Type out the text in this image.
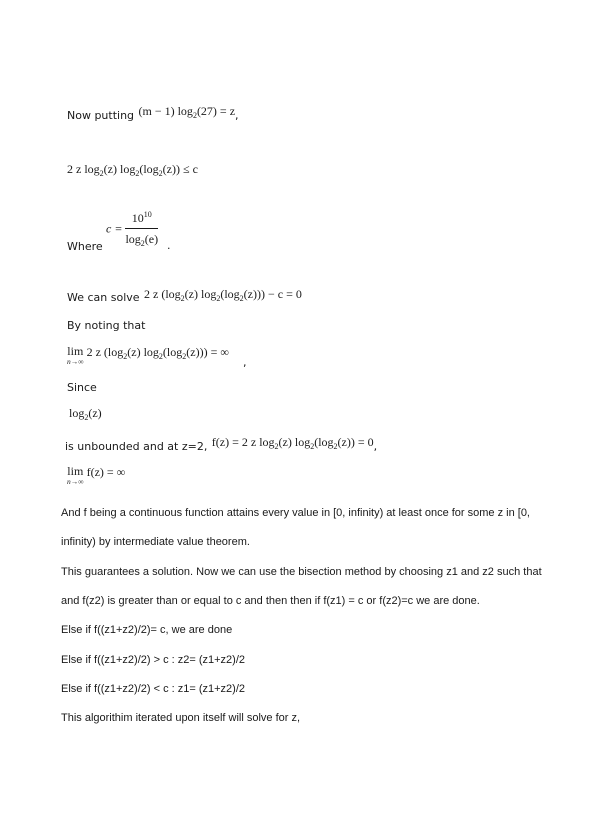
Now putting $^{(m - 1) log_2(27) = z}$,
2 z $\log_2(z) \log_2(\log_2(z)) \le c$
Where
$c = \frac{10^{10}}{\log_2(e)}$ .
We can solve 2 z $(\log_2(z) \log_2(\log_2(z))) - c = 0$
By noting that
lim
n→∞
2 z $(\log_2(z) \log_2(\log_2(z)))$ = ∞
,
Since
$\log_2(z)$
is unbounded and at z=2, $^{f(z) = 2 z log_2(z) log_2(log_2(z)) = 0}$,
lim
n→∞
f(z) = ∞
And f being a continuous function attains every value in [0, infinity) at least once for some z in [0,
infinity) by intermediate value theorem.
This guarantees a solution. Now we can use the bisection method by choosing z1 and z2 such that
and f(z2) is greater than or equal to c and then then if f(z1) = c or f(z2)=c we are done.
Else if f((z1+z2)/2)= c, we are done
Else if f((z1+z2)/2) > c : z2= (z1+z2)/2
Else if f((z1+z2)/2) < c : z1= (z1+z2)/2
This algorithim iterated upon itself will solve for z,
